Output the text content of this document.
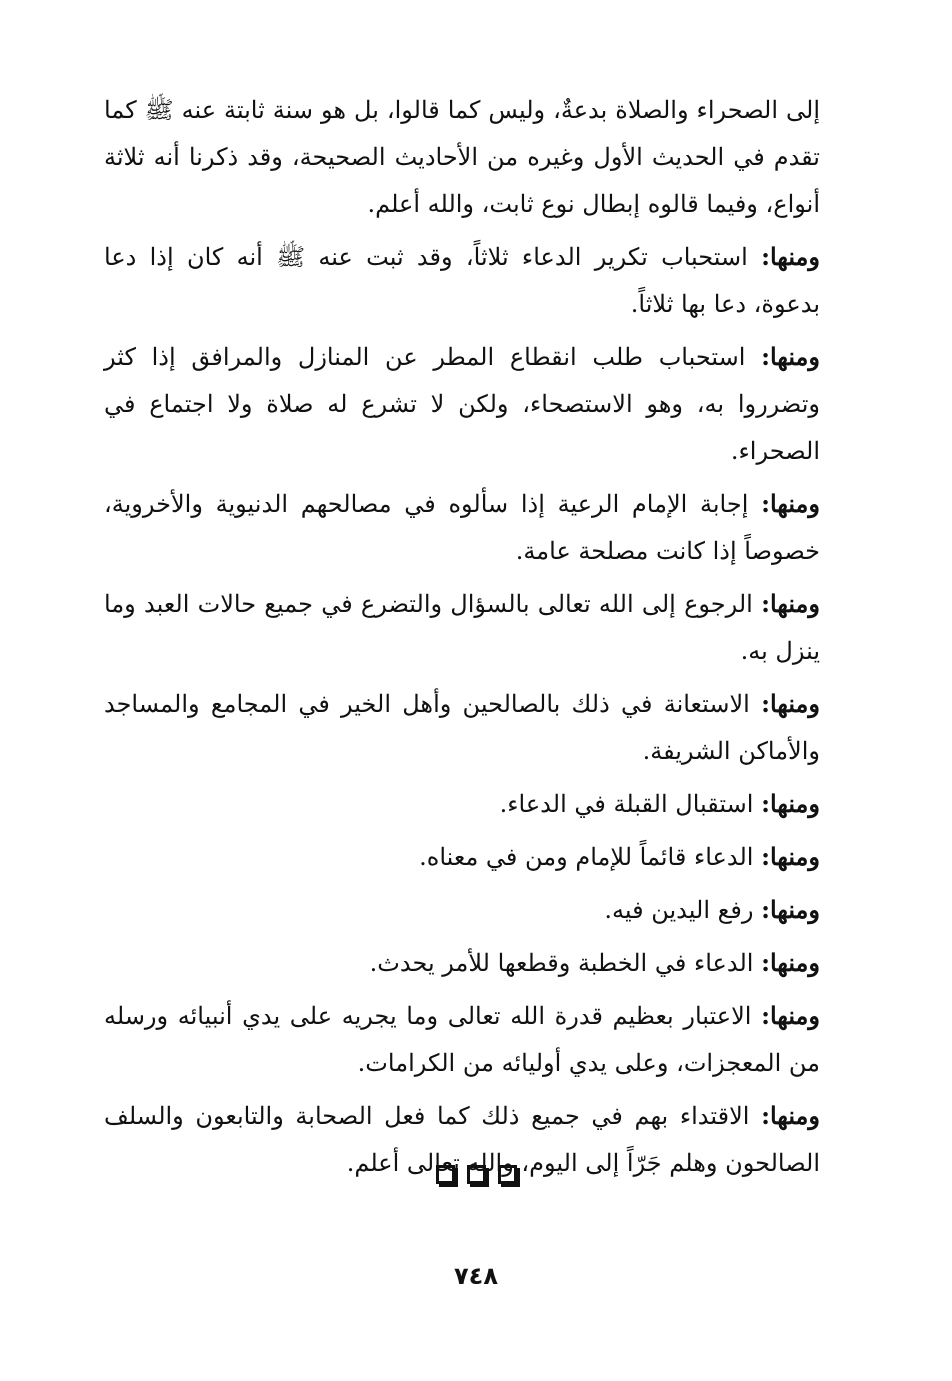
إلى الصحراء والصلاة بدعةٌ، وليس كما قالوا، بل هو سنة ثابتة عنه ﷺ كما تقدم في الحديث الأول وغيره من الأحاديث الصحيحة، وقد ذكرنا أنه ثلاثة أنواع، وفيما قالوه إبطال نوع ثابت، والله أعلم.

ومنها: استحباب تكرير الدعاء ثلاثاً، وقد ثبت عنه ﷺ أنه كان إذا دعا بدعوة، دعا بها ثلاثاً.

ومنها: استحباب طلب انقطاع المطر عن المنازل والمرافق إذا كثر وتضرروا به، وهو الاستصحاء، ولكن لا تشرع له صلاة ولا اجتماع في الصحراء.

ومنها: إجابة الإمام الرعية إذا سألوه في مصالحهم الدنيوية والأخروية، خصوصاً إذا كانت مصلحة عامة.

ومنها: الرجوع إلى الله تعالى بالسؤال والتضرع في جميع حالات العبد وما ينزل به.

ومنها: الاستعانة في ذلك بالصالحين وأهل الخير في المجامع والمساجد والأماكن الشريفة.

ومنها: استقبال القبلة في الدعاء.

ومنها: الدعاء قائماً للإمام ومن في معناه.

ومنها: رفع اليدين فيه.

ومنها: الدعاء في الخطبة وقطعها للأمر يحدث.

ومنها: الاعتبار بعظيم قدرة الله تعالى وما يجريه على يدي أنبيائه ورسله من المعجزات، وعلى يدي أوليائه من الكرامات.

ومنها: الاقتداء بهم في جميع ذلك كما فعل الصحابة والتابعون والسلف الصالحون وهلم جَرّاً إلى اليوم، والله تعالى أعلم.

٧٤٨
